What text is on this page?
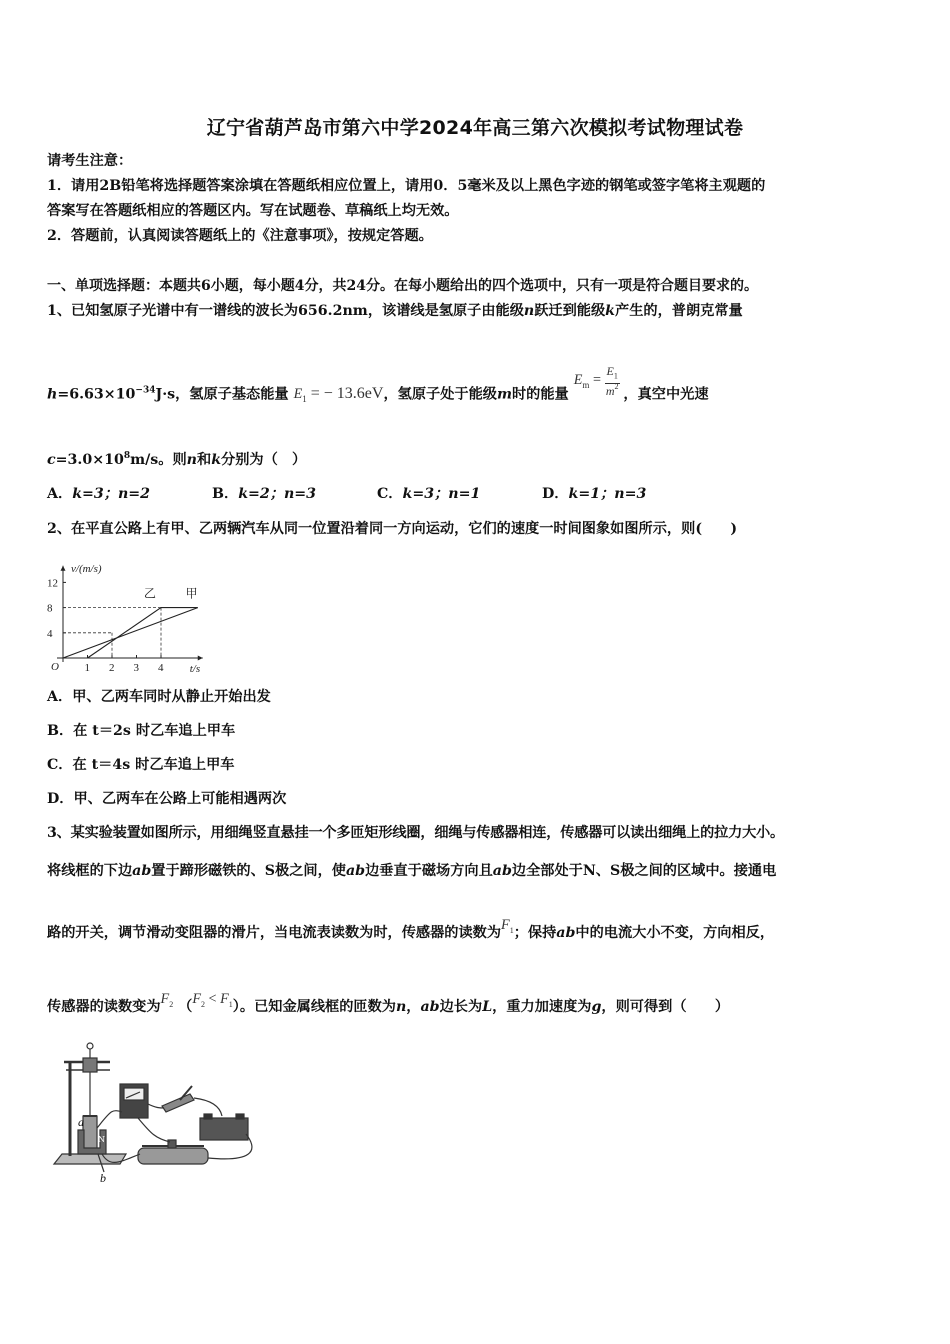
辽宁省葫芦岛市第六中学2024年高三第六次模拟考试物理试卷
请考生注意：
1．请用2B铅笔将选择题答案涂填在答题纸相应位置上，请用0．5毫米及以上黑色字迹的钢笔或签字笔将主观题的
答案写在答题纸相应的答题区内。写在试题卷、草稿纸上均无效。
2．答题前，认真阅读答题纸上的《注意事项》，按规定答题。
一、单项选择题：本题共6小题，每小题4分，共24分。在每小题给出的四个选项中，只有一项是符合题目要求的。
1、已知氢原子光谱中有一谱线的波长为656.2nm，该谱线是氢原子由能级n跃迁到能级k产生的，普朗克常量
$h=6.63\times 10^{-34}J\cdot s$，氢原子基态能量 $E_1$ = − 13.6eV，氢原子处于能级m时的能量 $E_m = \frac{E_1}{m^2}$ ，真空中光速
$c=3.0\times 10^8m/s$。则n和k分别为（　）
A．k=3；n=2	B．k=2；n=3	C．k=3；n=1	D．k=1；n=3
2、在平直公路上有甲、乙两辆汽车从同一位置沿着同一方向运动，它们的速度一时间图象如图所示，则(　　)
v/(m/s)
t/s
O 1 2 3 4
4
8
12
甲
乙
A．甲、乙两车同时从静止开始出发
B．在 t＝2s 时乙车追上甲车
C．在 t＝4s 时乙车追上甲车
D．甲、乙两车在公路上可能相遇两次
3、某实验装置如图所示，用细绳竖直悬挂一个多匝矩形线圈，细绳与传感器相连，传感器可以读出细绳上的拉力大小。
将线框的下边ab置于蹄形磁铁的、S极之间，使ab边垂直于磁场方向且ab边全部处于N、S极之间的区域中。接通电
路的开关，调节滑动变阻器的滑片，当电流表读数为时，传感器的读数为$F_1$；保持ab中的电流大小不变，方向相反，
传感器的读数变为$F_2$ $(F_2 < F_1)$。已知金属线框的匝数为n，ab边长为L，重力加速度为g，则可得到（　　）
N
a
b
